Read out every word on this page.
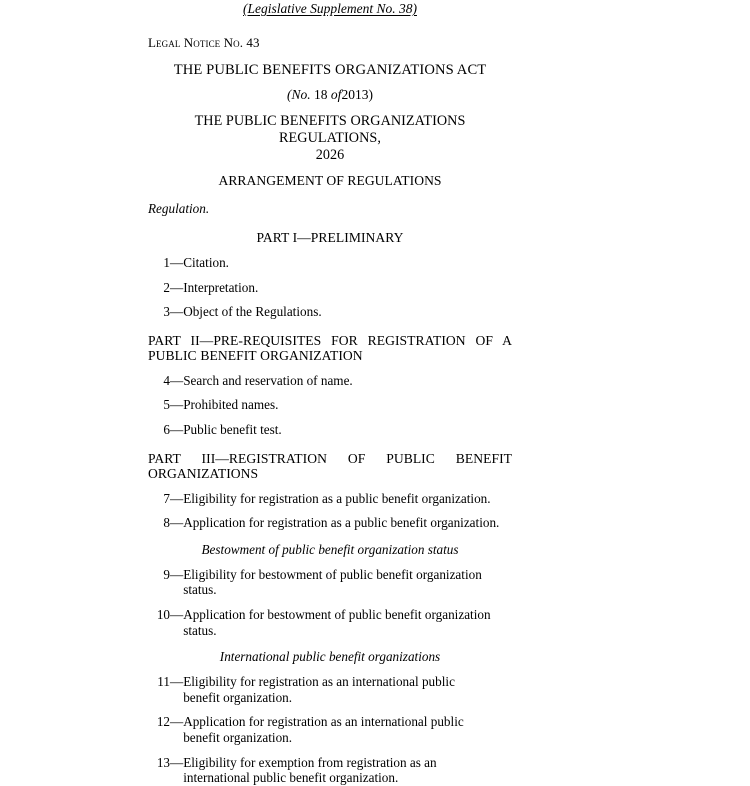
(Legislative Supplement No. 38)
Legal Notice No. 43
THE PUBLIC BENEFITS ORGANIZATIONS ACT
(No. 18 of2013)
THE PUBLIC BENEFITS ORGANIZATIONS REGULATIONS,
2026
ARRANGEMENT OF REGULATIONS
Regulation.
PART I—PRELIMINARY
1 — Citation.
2 — Interpretation.
3 — Object of the Regulations.
PART II—PRE-REQUISITES FOR REGISTRATION OF A PUBLIC BENEFIT ORGANIZATION
4 — Search and reservation of name.
5 — Prohibited names.
6 — Public benefit test.
PART III—REGISTRATION OF PUBLIC BENEFIT ORGANIZATIONS
7 — Eligibility for registration as a public benefit organization.
8 — Application for registration as a public benefit organization.
Bestowment of public benefit organization status
9 — Eligibility for bestowment of public benefit organization status.
10 — Application for bestowment of public benefit organization status.
International public benefit organizations
11 — Eligibility for registration as an international public benefit organization.
12 — Application for registration as an international public benefit organization.
13 — Eligibility for exemption from registration as an international public benefit organization.
